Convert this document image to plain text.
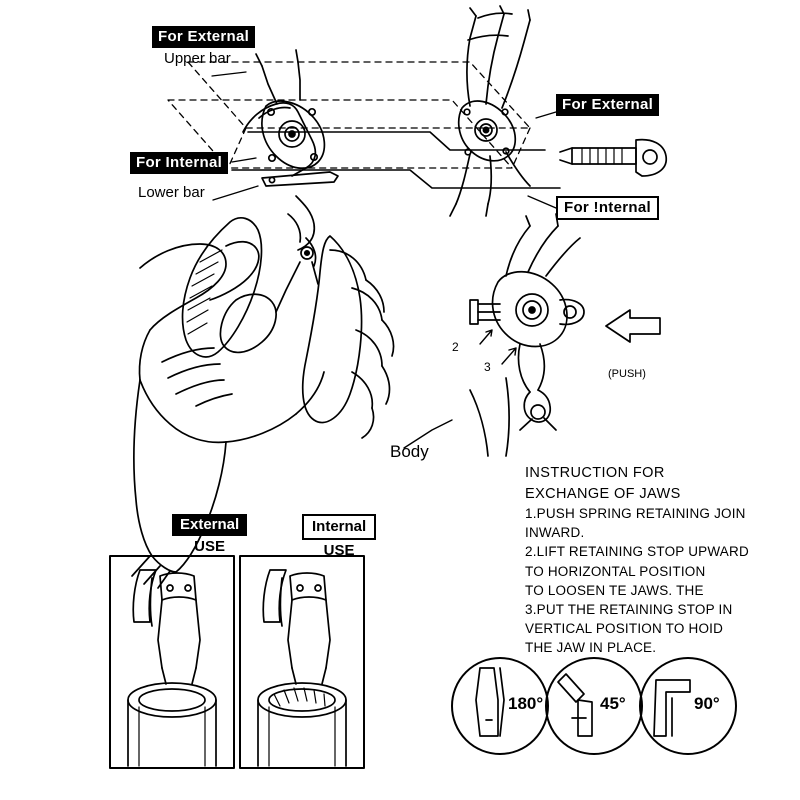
For External
Upper bar
For External
For Internal
Lower bar
For !nternal
Body
2
3	(PUSH)
External
USE
Internal
USE
INSTRUCTION FOR
EXCHANGE OF JAWS
1.PUSH SPRING RETAINING JOIN
INWARD.
2.LIFT RETAINING STOP UPWARD
TO HORIZONTAL POSITION
TO LOOSEN TE JAWS. THE
3.PUT THE RETAINING STOP IN
VERTICAL POSITION TO HOID
THE JAW IN PLACE.
180°	45°	90°
